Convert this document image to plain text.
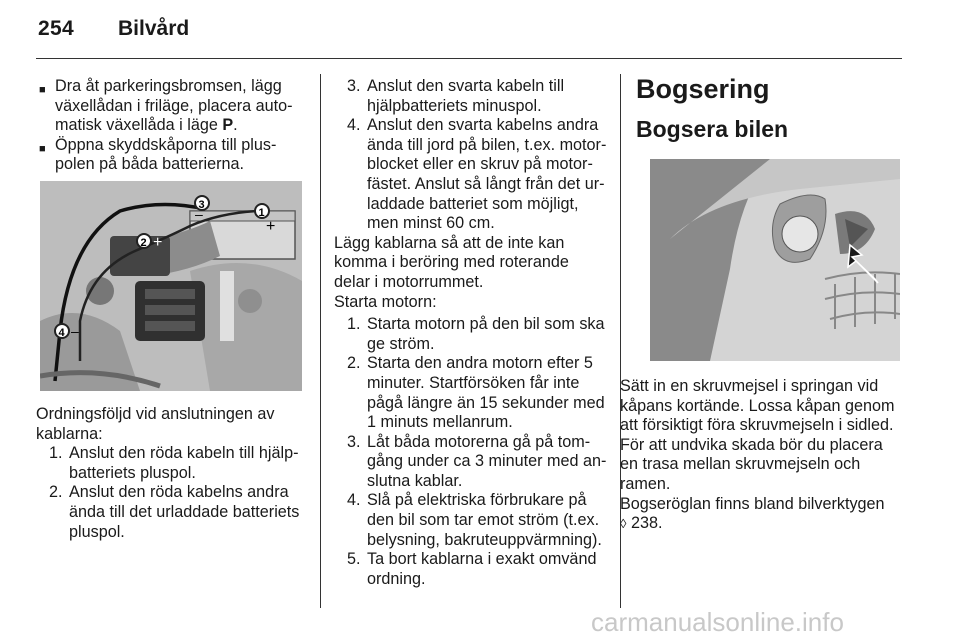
254 Bilvård

■ Dra åt parkeringsbromsen, lägg växellådan i friläge, placera automatisk växellåda i läge P.

■ Öppna skyddskåporna till pluspolen på båda batterierna.

1
+
2 +
3
–
4 –

Ordningsföljd vid anslutningen av kablarna:

1. Anslut den röda kabeln till hjälpbatteriets pluspol.

2. Anslut den röda kabelns andra ända till det urladdade batteriets pluspol.

3. Anslut den svarta kabeln till hjälpbatteriets minuspol.

4. Anslut den svarta kabelns andra ända till jord på bilen, t.ex. motorblocket eller en skruv på motorfästet. Anslut så långt från det urladdade batteriet som möjligt, men minst 60 cm.

Lägg kablarna så att de inte kan komma i beröring med roterande delar i motorrummet.

Starta motorn:

1. Starta motorn på den bil som ska ge ström.

2. Starta den andra motorn efter 5 minuter. Startförsöken får inte pågå längre än 15 sekunder med 1 minuts mellanrum.

3. Låt båda motorerna gå på tomgång under ca 3 minuter med anslutna kablar.

4. Slå på elektriska förbrukare på den bil som tar emot ström (t.ex. belysning, bakruteuppvärmning).

5. Ta bort kablarna i exakt omvänd ordning.

Bogsering

Bogsera bilen

Sätt in en skruvmejsel i springan vid kåpans kortände. Lossa kåpan genom att försiktigt föra skruvmejseln i sidled. För att undvika skada bör du placera en trasa mellan skruvmejseln och ramen.

Bogseröglan finns bland bilverktygen
◊ 238.

carmanualsonline.info
